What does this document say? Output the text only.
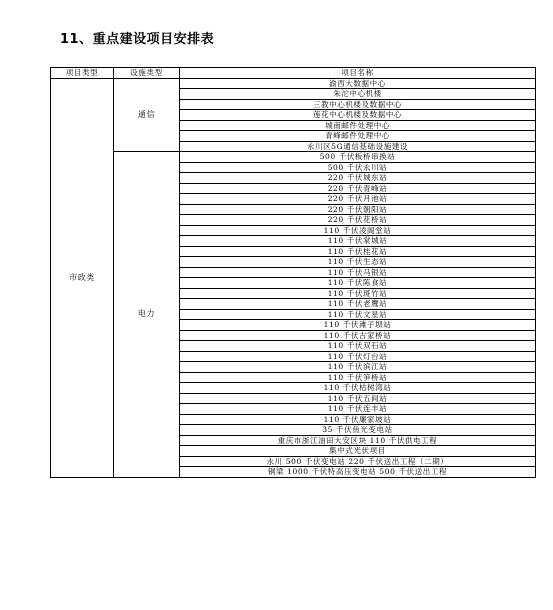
11、重点建设项目安排表
项目类型	设施类型	项目名称
市政类	通信	渝西大数据中心
		朱沱中心机楼
		三教中心机楼及数据中心
		莲花中心机楼及数据中心
		城南邮件处理中心
		青峰邮件处理中心
		永川区5G通信基础设施建设
	电力	500 千伏板桥串换站
		500 千伏永川站
		220 千伏城东站
		220 千伏青峰站
		220 千伏月池站
		220 千伏朝阳站
		220 千伏花桥站
		110 千伏凌阁堂站
		110 千伏棠城站
		110 千伏桂花站
		110 千伏生态站
		110 千伏马银站
		110 千伏陈食站
		110 千伏斑竹站
		110 千伏老鹰站
		110 千伏文星站
		110 千伏滩子坝站
		110 千伏古家桥站
		110 千伏双石站
		110 千伏灯台站
		110 千伏滨江站
		110 千伏笋桥站
		110 千伏枯树湾站
		110 千伏五间站
		110 千伏连丰站
		110 千伏廉家坡站
		35 千伏鱼光变电站
		重庆市浙江油田大安区块 110 千伏供电工程
		集中式光伏项目
		永川 500 千伏变电站 220 千伏送出工程（二期）
		铜梁 1000 千伏特高压变电站 500 千伏送出工程
